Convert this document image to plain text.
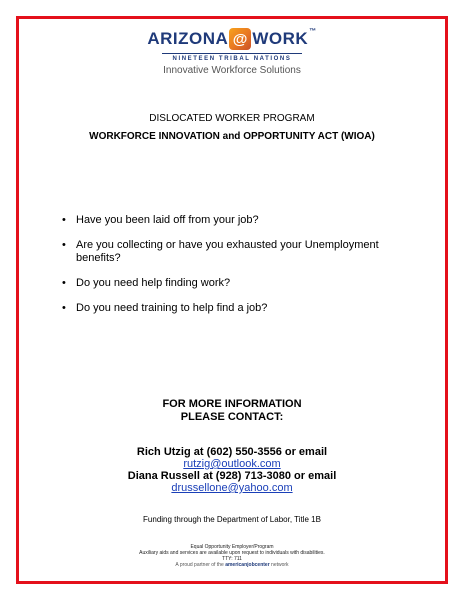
ARIZONA @ WORK ™
NINETEEN TRIBAL NATIONS
Innovative Workforce Solutions
DISLOCATED WORKER PROGRAM
WORKFORCE INNOVATION and OPPORTUNITY ACT (WIOA)
• Have you been laid off from your job?
• Are you collecting or have you exhausted your Unemployment benefits?
• Do you need help finding work?
• Do you need training to help find a job?
FOR MORE INFORMATION
PLEASE CONTACT:
Rich Utzig at (602) 550-3556 or email
rutzig@outlook.com
Diana Russell at (928) 713-3080 or email
drussellone@yahoo.com
Funding through the Department of Labor, Title 1B
Equal Opportunity Employer/Program
Auxiliary aids and services are available upon request to individuals with disabilities.
TTY: 711
A proud partner of the americanjobcenter network
